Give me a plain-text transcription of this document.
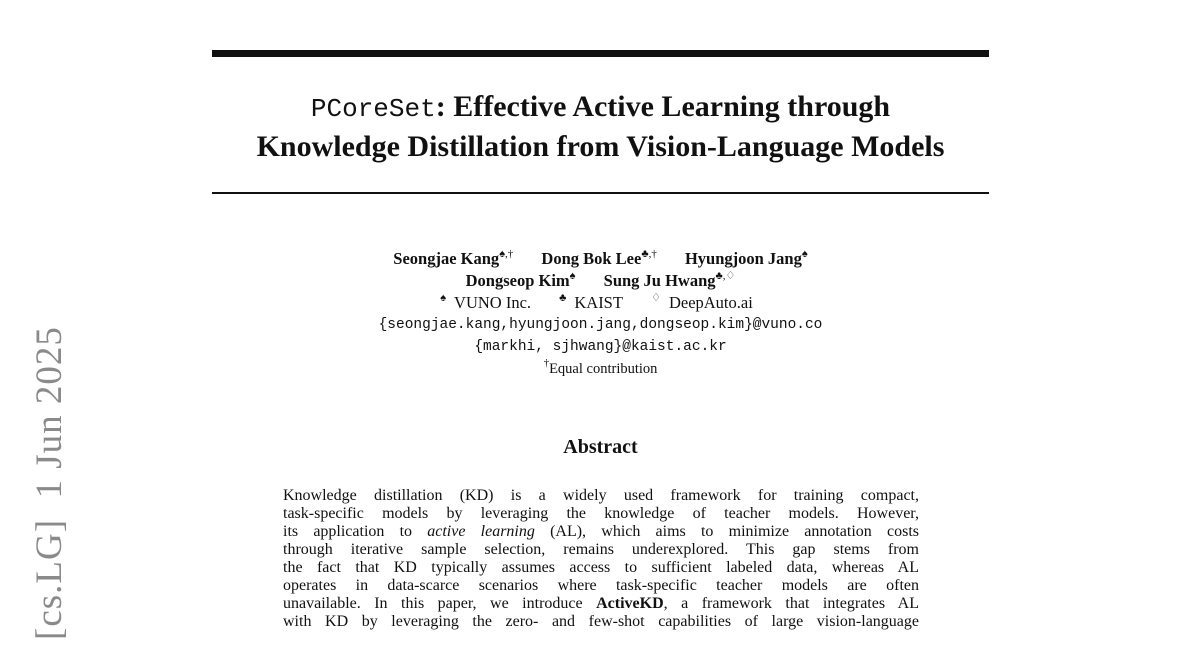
[cs.LG]  1 Jun 2025
PCoreSet: Effective Active Learning through
Knowledge Distillation from Vision-Language Models
Seongjae Kang♠,† Dong Bok Lee♣,† Hyungjoon Jang♠
Dongseop Kim♠ Sung Ju Hwang♣,♢
♠ VUNO Inc.	♣ KAIST	♢ DeepAuto.ai
{seongjae.kang,hyungjoon.jang,dongseop.kim}@vuno.co
{markhi, sjhwang}@kaist.ac.kr
†Equal contribution
Abstract
Knowledge distillation (KD) is a widely used framework for training compact,
task-specific models by leveraging the knowledge of teacher models. However,
its application to active learning (AL), which aims to minimize annotation costs
through iterative sample selection, remains underexplored. This gap stems from
the fact that KD typically assumes access to sufficient labeled data, whereas AL
operates in data-scarce scenarios where task-specific teacher models are often
unavailable. In this paper, we introduce ActiveKD, a framework that integrates AL
with KD by leveraging the zero- and few-shot capabilities of large vision-language
